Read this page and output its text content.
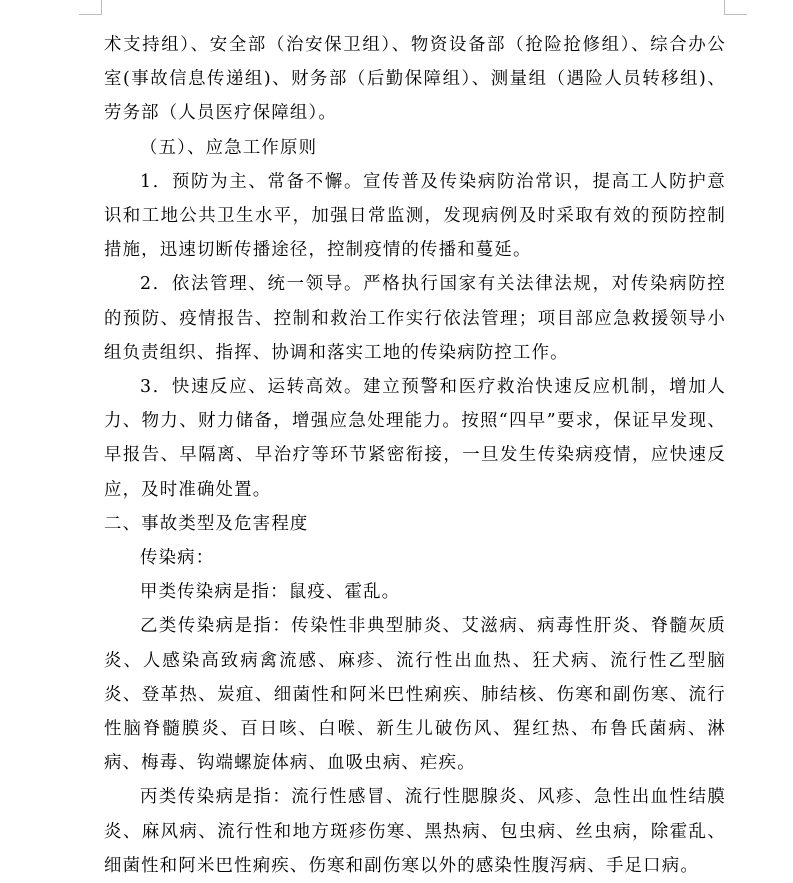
术支持组）、安全部（治安保卫组）、物资设备部（抢险抢修组）、综合办公室(事故信息传递组)、财务部（后勤保障组）、测量组（遇险人员转移组)、劳务部（人员医疗保障组）。

（五）、应急工作原则

1．预防为主、常备不懈。宣传普及传染病防治常识，提高工人防护意识和工地公共卫生水平，加强日常监测，发现病例及时采取有效的预防控制措施，迅速切断传播途径，控制疫情的传播和蔓延。

2．依法管理、统一领导。严格执行国家有关法律法规，对传染病防控的预防、疫情报告、控制和救治工作实行依法管理；项目部应急救援领导小组负责组织、指挥、协调和落实工地的传染病防控工作。

3．快速反应、运转高效。建立预警和医疗救治快速反应机制，增加人力、物力、财力储备，增强应急处理能力。按照“四早”要求，保证早发现、早报告、早隔离、早治疗等环节紧密衔接，一旦发生传染病疫情，应快速反应，及时准确处置。

二、事故类型及危害程度

传染病：

甲类传染病是指：鼠疫、霍乱。

乙类传染病是指：传染性非典型肺炎、艾滋病、病毒性肝炎、脊髓灰质炎、人感染高致病禽流感、麻疹、流行性出血热、狂犬病、流行性乙型脑炎、登革热、炭疽、细菌性和阿米巴性痢疾、肺结核、伤寒和副伤寒、流行性脑脊髓膜炎、百日咳、白喉、新生儿破伤风、猩红热、布鲁氏菌病、淋病、梅毒、钩端螺旋体病、血吸虫病、疟疾。

丙类传染病是指：流行性感冒、流行性腮腺炎、风疹、急性出血性结膜炎、麻风病、流行性和地方斑疹伤寒、黑热病、包虫病、丝虫病，除霍乱、细菌性和阿米巴性痢疾、伤寒和副伤寒以外的感染性腹泻病、手足口病。
